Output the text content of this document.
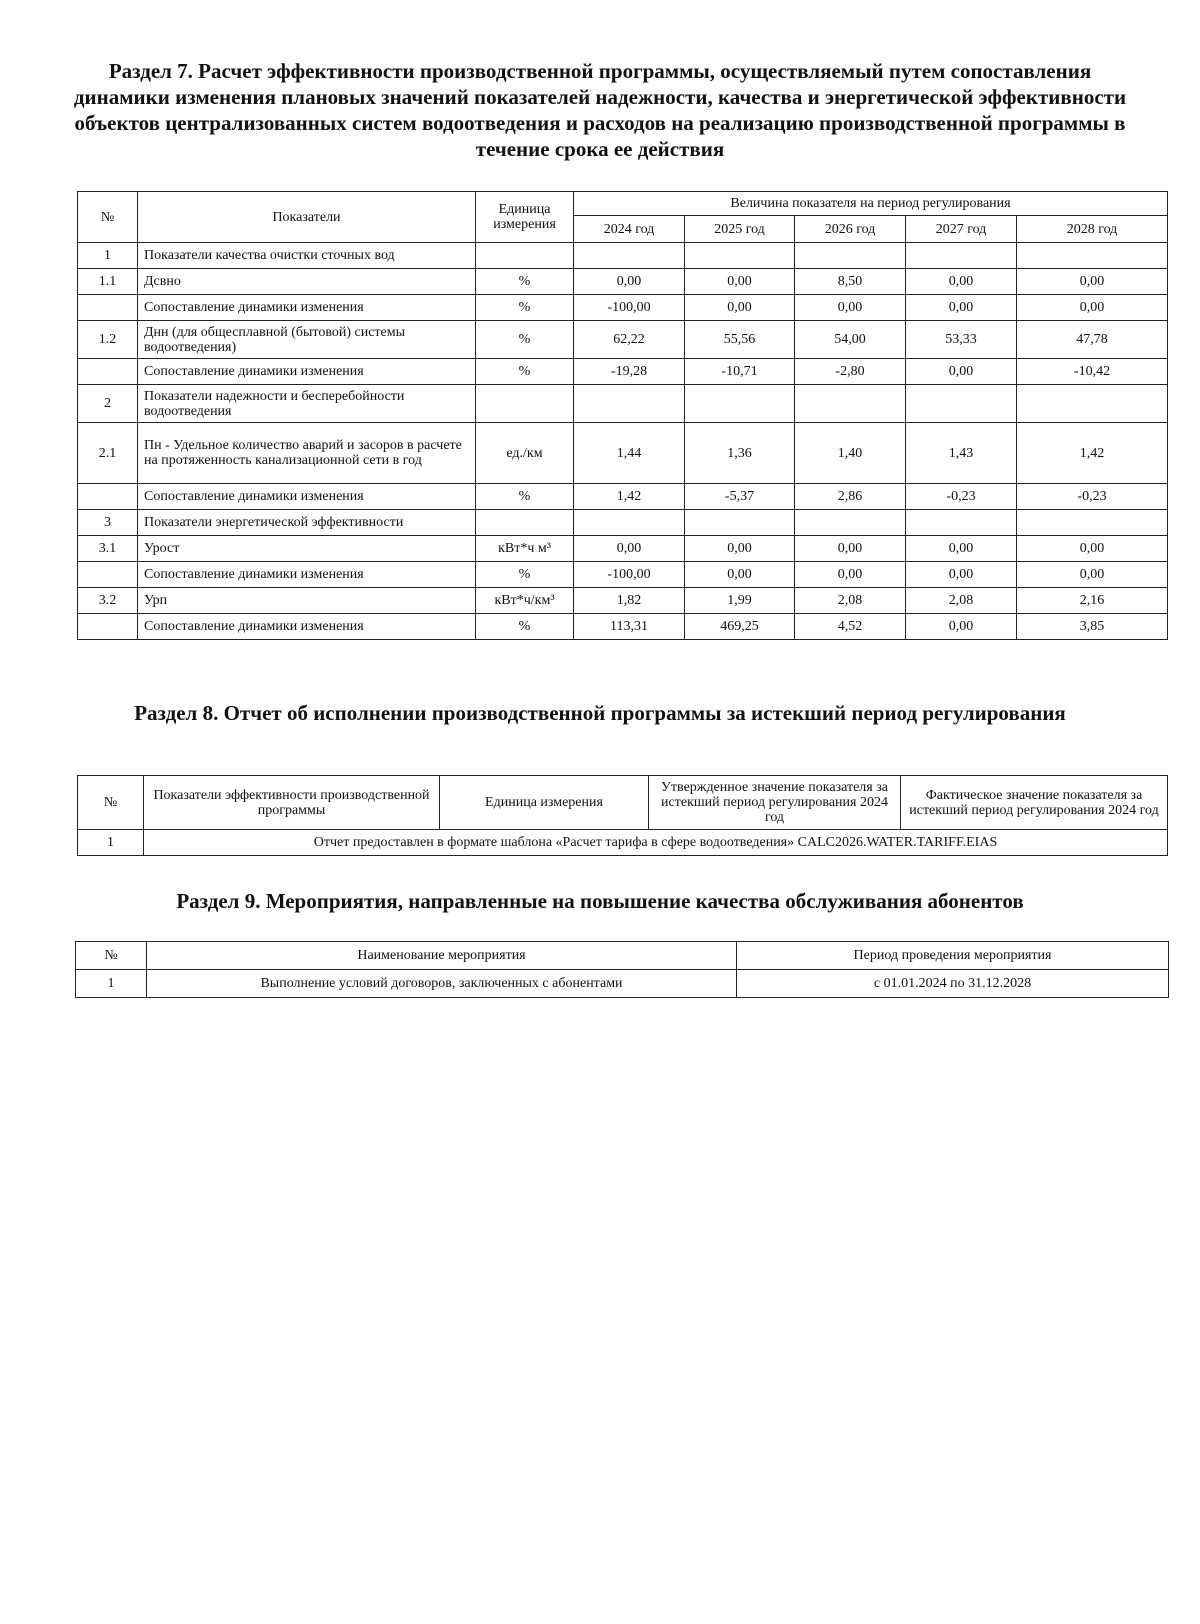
Раздел 7. Расчет эффективности производственной программы, осуществляемый путем сопоставления динамики изменения плановых значений показателей надежности, качества и энергетической эффективности объектов централизованных систем водоотведения и расходов на реализацию производственной программы в течение срока ее действия
№	Показатели	Единица измерения	Величина показателя на период регулирования				
			2024 год	2025 год	2026 год	2027 год	2028 год
1	Показатели качества очистки сточных вод						
1.1	Дсвно	%	0,00	0,00	8,50	0,00	0,00
	Сопоставление динамики изменения	%	-100,00	0,00	0,00	0,00	0,00
1.2	Днн (для общесплавной (бытовой) системы водоотведения)	%	62,22	55,56	54,00	53,33	47,78
	Сопоставление динамики изменения	%	-19,28	-10,71	-2,80	0,00	-10,42
2	Показатели надежности и бесперебойности водоотведения						
2.1	Пн - Удельное количество аварий и засоров в расчете на протяженность канализационной сети в год	ед./км	1,44	1,36	1,40	1,43	1,42
	Сопоставление динамики изменения	%	1,42	-5,37	2,86	-0,23	-0,23
3	Показатели энергетической эффективности						
3.1	Урост	кВт*ч м³	0,00	0,00	0,00	0,00	0,00
	Сопоставление динамики изменения	%	-100,00	0,00	0,00	0,00	0,00
3.2	Урп	кВт*ч/км³	1,82	1,99	2,08	2,08	2,16
	Сопоставление динамики изменения	%	113,31	469,25	4,52	0,00	3,85
Раздел 8. Отчет об исполнении производственной программы за истекший период регулирования
№	Показатели эффективности производственной программы	Единица измерения	Утвержденное значение показателя за истекший период регулирования 2024 год	Фактическое значение показателя за истекший период регулирования 2024 год
1	Отчет предоставлен в формате шаблона «Расчет тарифа в сфере водоотведения» CALC2026.WATER.TARIFF.EIAS			
Раздел 9. Мероприятия, направленные на повышение качества обслуживания абонентов
№	Наименование мероприятия	Период проведения мероприятия
1	Выполнение условий договоров, заключенных с абонентами	с 01.01.2024 по 31.12.2028
